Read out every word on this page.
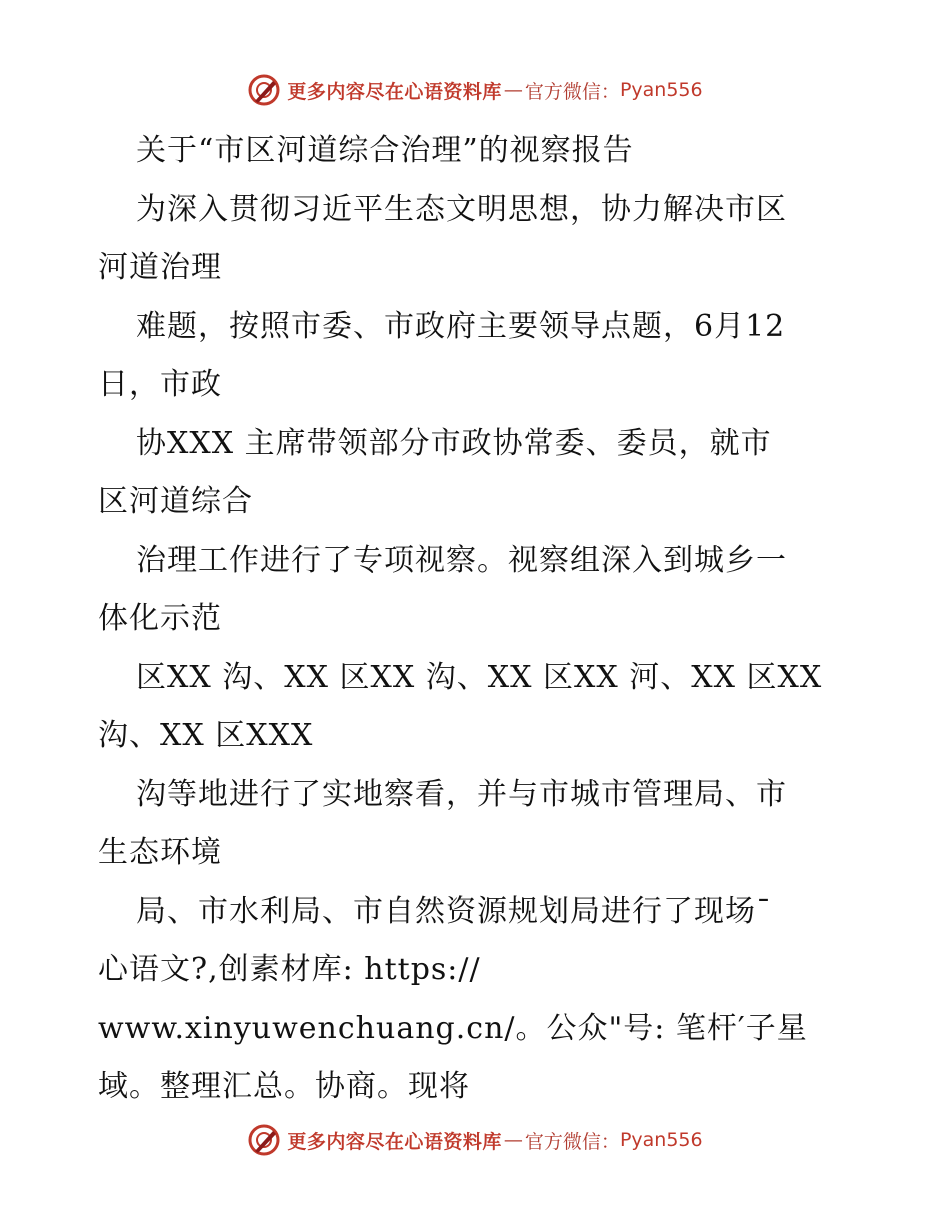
更多内容尽在心语资料库 — 官方微信： Pyan556
关于“市区河道综合治理”的视察报告
为深入贯彻习近平生态文明思想，协力解决市区
河道治理
难题，按照市委、市政府主要领导点题，6月12
日，市政
协XXX 主席带领部分市政协常委、委员，就市
区河道综合
治理工作进行了专项视察。视察组深入到城乡一
体化示范
区XX 沟、XX 区XX 沟、XX 区XX 河、XX 区XX
沟、XX 区XXX
沟等地进行了实地察看，并与市城市管理局、市
生态环境
局、市水利局、市自然资源规划局进行了现场¯
心语文?,创素材库: https://
www.xinyuwenchuang.cn/。公众"号: 笔杆′子星
域。整理汇总。协商。现将
更多内容尽在心语资料库 — 官方微信： Pyan556
